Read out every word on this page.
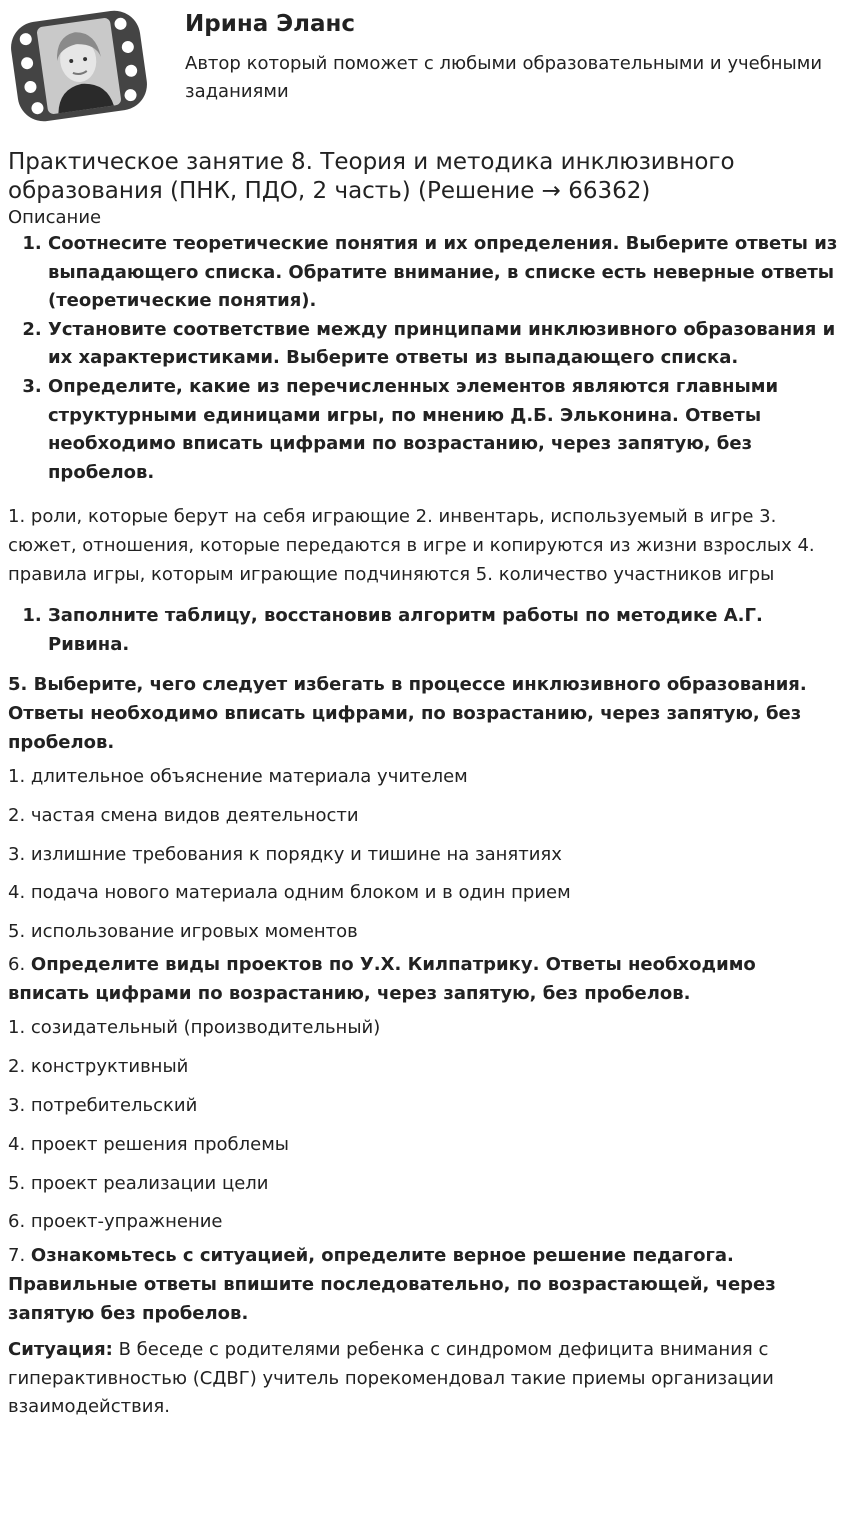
Ирина Эланс
Автор который поможет с любыми образовательными и учебными заданиями
Практическое занятие 8. Теория и методика инклюзивного образования (ПНК, ПДО, 2 часть) (Решение → 66362)
Описание
1. Соотнесите теоретические понятия и их определения. Выберите ответы из выпадающего списка. Обратите внимание, в списке есть неверные ответы (теоретические понятия).
2. Установите соответствие между принципами инклюзивного образования и их характеристиками. Выберите ответы из выпадающего списка.
3. Определите, какие из перечисленных элементов являются главными структурными единицами игры, по мнению Д.Б. Эльконина. Ответы необходимо вписать цифрами по возрастанию, через запятую, без пробелов.

1. роли, которые берут на себя играющие 2. инвентарь, используемый в игре 3. сюжет, отношения, которые передаются в игре и копируются из жизни взрослых 4. правила игры, которым играющие подчиняются 5. количество участников игры

1. Заполните таблицу, восстановив алгоритм работы по методике А.Г. Ривина.

5. Выберите, чего следует избегать в процессе инклюзивного образования. Ответы необходимо вписать цифрами, по возрастанию, через запятую, без пробелов.

1. длительное объяснение материала учителем
2. частая смена видов деятельности
3. излишние требования к порядку и тишине на занятиях
4. подача нового материала одним блоком и в один прием
5. использование игровых моментов

6. Определите виды проектов по У.Х. Килпатрику. Ответы необходимо вписать цифрами по возрастанию, через запятую, без пробелов.

1. созидательный (производительный)
2. конструктивный
3. потребительский
4. проект решения проблемы
5. проект реализации цели
6. проект-упражнение

7. Ознакомьтесь с ситуацией, определите верное решение педагога. Правильные ответы впишите последовательно, по возрастающей, через запятую без пробелов.

Ситуация: В беседе с родителями ребенка с синдромом дефицита внимания с гиперактивностью (СДВГ) учитель порекомендовал такие приемы организации взаимодействия.
